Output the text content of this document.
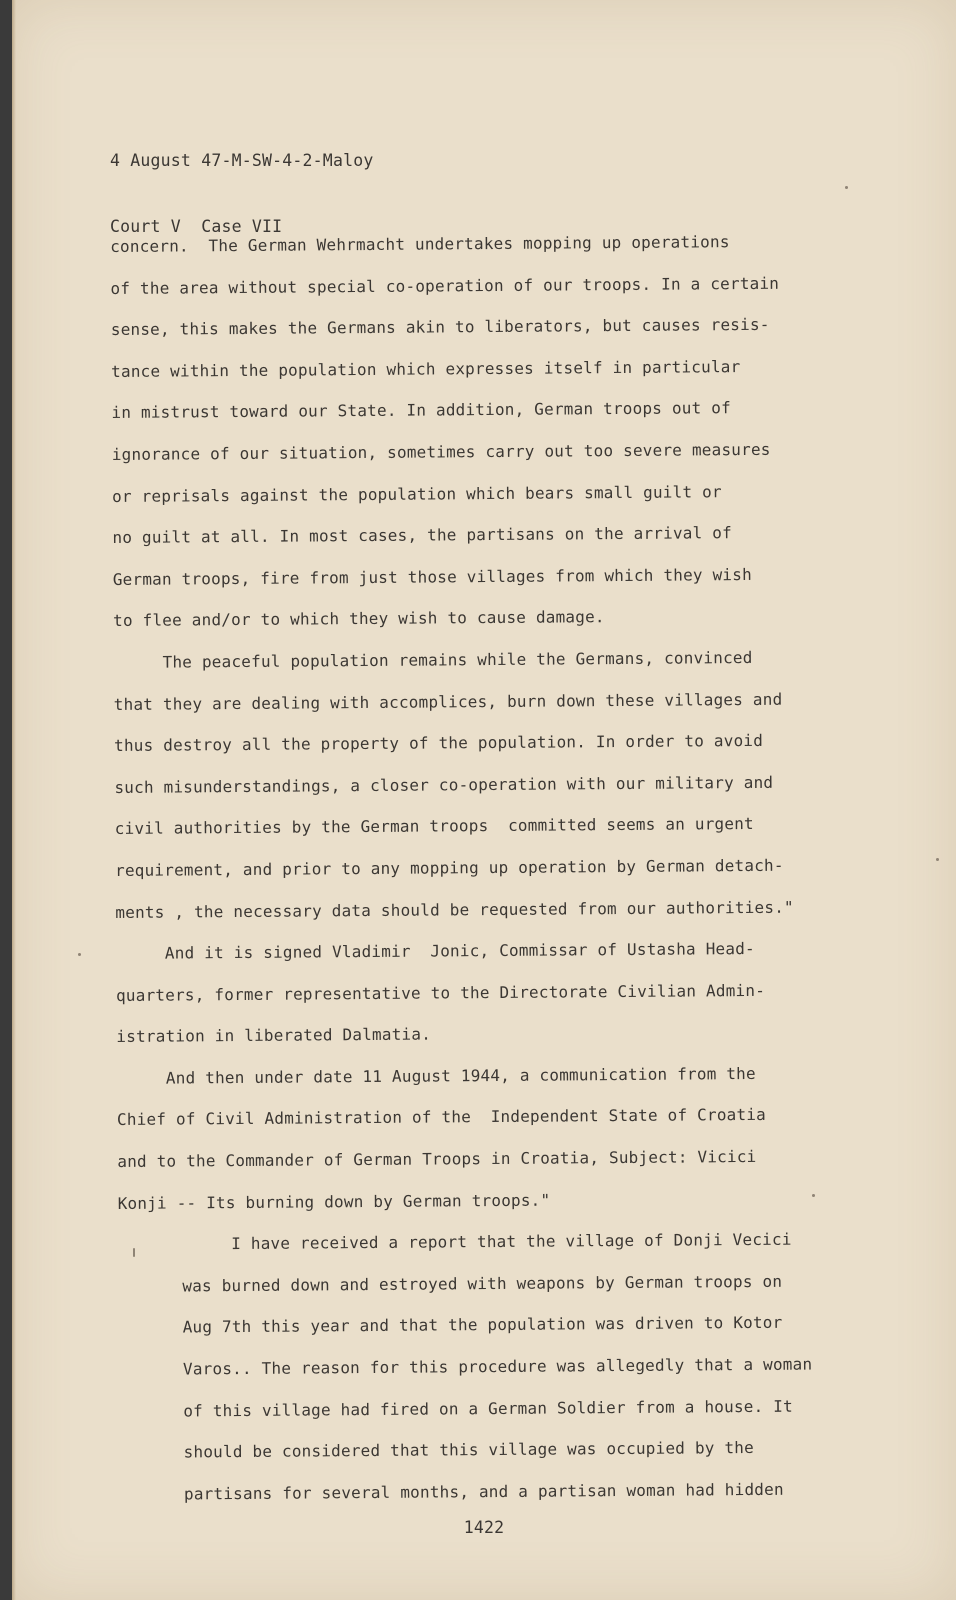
4 August 47-M-SW-4-2-Maloy

Court V  Case VII

concern.  The German Wehrmacht undertakes mopping up operations
of the area without special co-operation of our troops. In a certain
sense, this makes the Germans akin to liberators, but causes resis-
tance within the population which expresses itself in particular
in mistrust toward our State. In addition, German troops out of
ignorance of our situation, sometimes carry out too severe measures
or reprisals against the population which bears small guilt or
no guilt at all. In most cases, the partisans on the arrival of
German troops, fire from just those villages from which they wish
to flee and/or to which they wish to cause damage.
The peaceful population remains while the Germans, convinced
that they are dealing with accomplices, burn down these villages and
thus destroy all the property of the population. In order to avoid
such misunderstandings, a closer co-operation with our military and
civil authorities by the German troops  committed seems an urgent
requirement, and prior to any mopping up operation by German detach-
ments , the necessary data should be requested from our authorities."
And it is signed Vladimir  Jonic, Commissar of Ustasha Head-
quarters, former representative to the Directorate Civilian Admin-
istration in liberated Dalmatia.
And then under date 11 August 1944, a communication from the
Chief of Civil Administration of the  Independent State of Croatia
and to the Commander of German Troops in Croatia, Subject: Vicici
Konji -- Its burning down by German troops."
I have received a report that the village of Donji Vecici
was burned down and estroyed with weapons by German troops on
Aug 7th this year and that the population was driven to Kotor
Varos.. The reason for this procedure was allegedly that a woman
of this village had fired on a German Soldier from a house. It
should be considered that this village was occupied by the
partisans for several months, and a partisan woman had hidden
1422
